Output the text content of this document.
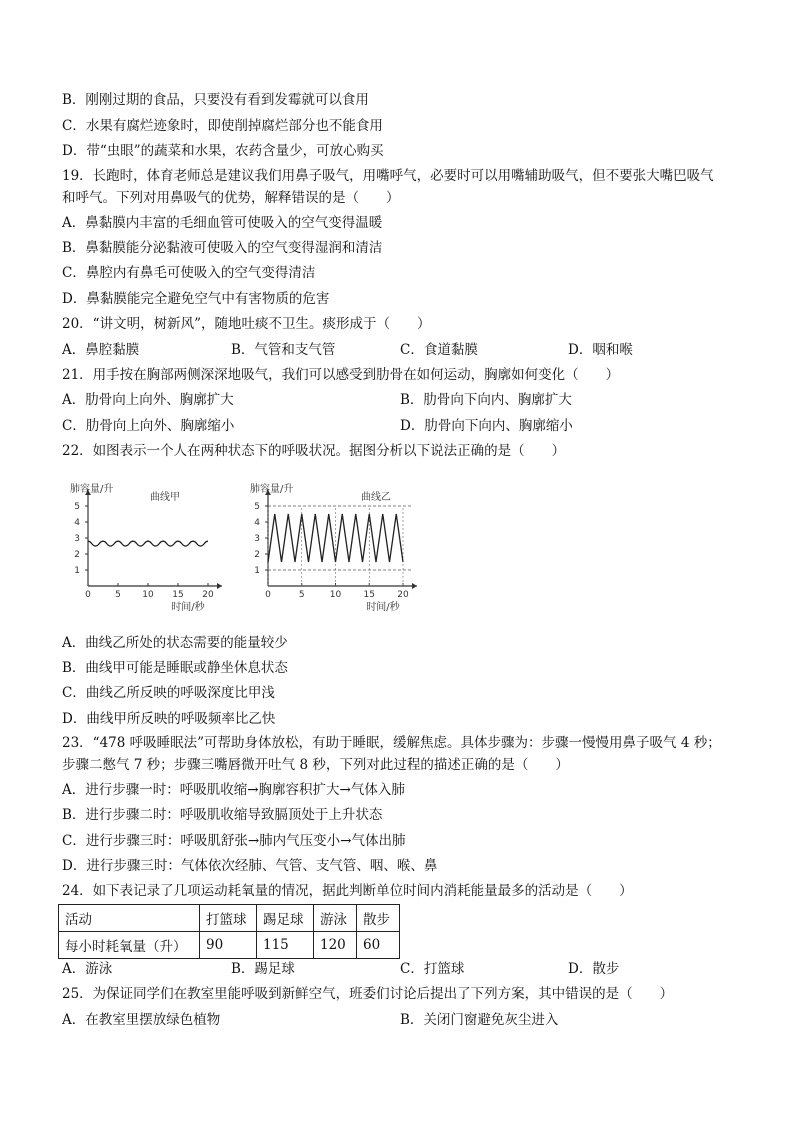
B．刚刚过期的食品，只要没有看到发霉就可以食用
C．水果有腐烂迹象时，即使削掉腐烂部分也不能食用
D．带“虫眼”的蔬菜和水果，农药含量少，可放心购买
19．长跑时，体育老师总是建议我们用鼻子吸气，用嘴呼气，必要时可以用嘴辅助吸气，但不要张大嘴巴吸气
和呼气。下列对用鼻吸气的优势，解释错误的是（　　）
A．鼻黏膜内丰富的毛细血管可使吸入的空气变得温暖
B．鼻黏膜能分泌黏液可使吸入的空气变得湿润和清洁
C．鼻腔内有鼻毛可使吸入的空气变得清洁
D．鼻黏膜能完全避免空气中有害物质的危害
20．“讲文明，树新风”，随地吐痰不卫生。痰形成于（　　）
A．鼻腔黏膜	B．气管和支气管	C．食道黏膜	D．咽和喉
21．用手按在胸部两侧深深地吸气，我们可以感受到肋骨在如何运动，胸廓如何变化（　　）
A．肋骨向上向外、胸廓扩大	B．肋骨向下向内、胸廓扩大
C．肋骨向上向外、胸廓缩小	D．肋骨向下向内、胸廓缩小
22．如图表示一个人在两种状态下的呼吸状况。据图分析以下说法正确的是（　　）
1
2
3
4
5
0	5 10 15 20
肺容量/升
曲线甲
时间/秒
1
2
3
4
5
0	5	10 15 20
肺容量/升
曲线乙
时间/秒
A．曲线乙所处的状态需要的能量较少
B．曲线甲可能是睡眠或静坐休息状态
C．曲线乙所反映的呼吸深度比甲浅
D．曲线甲所反映的呼吸频率比乙快
23．“478 呼吸睡眠法”可帮助身体放松，有助于睡眠，缓解焦虑。具体步骤为：步骤一慢慢用鼻子吸气 4 秒；
步骤二憋气 7 秒；步骤三嘴唇微开吐气 8 秒，下列对此过程的描述正确的是（　　）
A．进行步骤一时：呼吸肌收缩→胸廓容积扩大→气体入肺
B．进行步骤二时：呼吸肌收缩导致膈顶处于上升状态
C．进行步骤三时：呼吸肌舒张→肺内气压变小→气体出肺
D．进行步骤三时：气体依次经肺、气管、支气管、咽、喉、鼻
24．如下表记录了几项运动耗氧量的情况，据此判断单位时间内消耗能量最多的活动是（　　）
活动	打篮球	踢足球	游泳	散步
每小时耗氧量（升）	90	115	120	60
A．游泳	B．踢足球	C．打篮球	D．散步
25．为保证同学们在教室里能呼吸到新鲜空气，班委们讨论后提出了下列方案，其中错误的是（　　）
A．在教室里摆放绿色植物	B．关闭门窗避免灰尘进入
